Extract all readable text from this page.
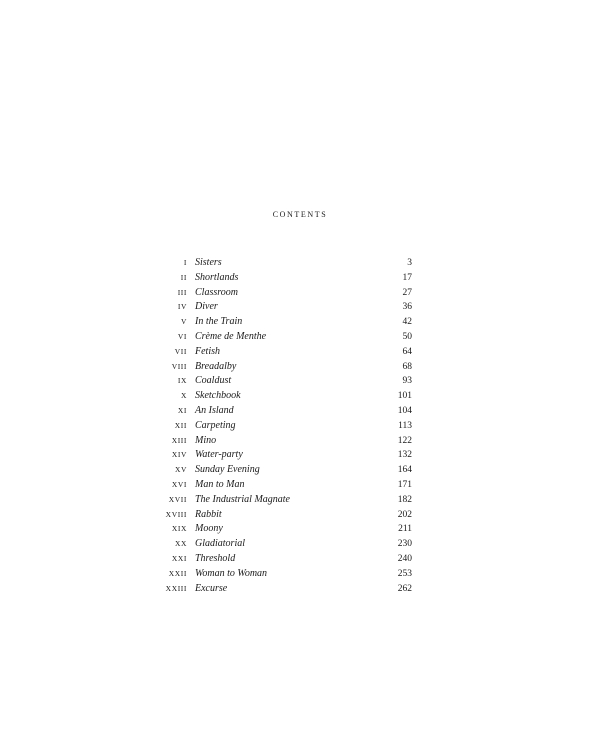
contents
I Sisters	3
II Shortlands	17
III Classroom	27
IV Diver	36
V In the Train	42
VI Crème de Menthe	50
VII Fetish	64
VIII Breadalby	68
IX Coaldust	93
X Sketchbook	101
XI An Island	104
XII Carpeting	113
XIII Mino	122
XIV Water-party	132
XV Sunday Evening	164
XVI Man to Man	171
XVII The Industrial Magnate	182
XVIII Rabbit	202
XIX Moony	211
XX Gladiatorial	230
XXI Threshold	240
XXII Woman to Woman	253
XXIII Excurse	262
